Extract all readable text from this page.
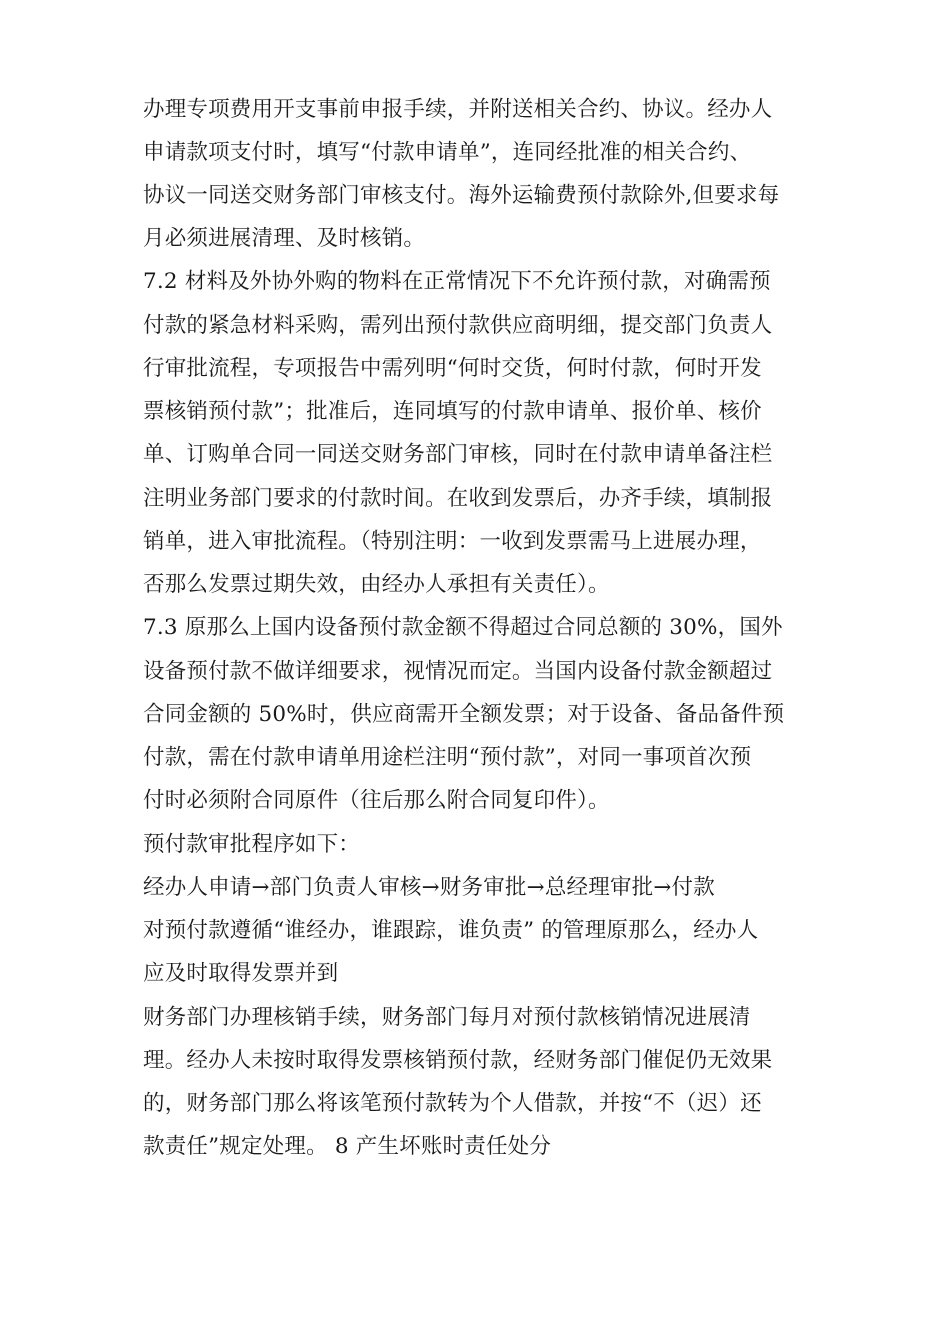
办理专项费用开支事前申报手续，并附送相关合约、协议。经办人
申请款项支付时，填写“付款申请单”，连同经批准的相关合约、
协议一同送交财务部门审核支付。海外运输费预付款除外,但要求每
月必须进展清理、及时核销。
7.2 材料及外协外购的物料在正常情况下不允许预付款，对确需预
付款的紧急材料采购，需列出预付款供应商明细，提交部门负责人
行审批流程，专项报告中需列明“何时交货，何时付款，何时开发
票核销预付款”；批准后，连同填写的付款申请单、报价单、核价
单、订购单合同一同送交财务部门审核，同时在付款申请单备注栏
注明业务部门要求的付款时间。在收到发票后，办齐手续，填制报
销单，进入审批流程。（特别注明：一收到发票需马上进展办理，
否那么发票过期失效，由经办人承担有关责任）。
7.3 原那么上国内设备预付款金额不得超过合同总额的 30%，国外
设备预付款不做详细要求，视情况而定。当国内设备付款金额超过
合同金额的 50%时，供应商需开全额发票；对于设备、备品备件预
付款，需在付款申请单用途栏注明“预付款”，对同一事项首次预
付时必须附合同原件（往后那么附合同复印件）。
预付款审批程序如下：
经办人申请→部门负责人审核→财务审批→总经理审批→付款
对预付款遵循“谁经办，谁跟踪，谁负责” 的管理原那么，经办人
应及时取得发票并到
财务部门办理核销手续，财务部门每月对预付款核销情况进展清
理。经办人未按时取得发票核销预付款，经财务部门催促仍无效果
的，财务部门那么将该笔预付款转为个人借款，并按“不（迟）还
款责任”规定处理。 8 产生坏账时责任处分
